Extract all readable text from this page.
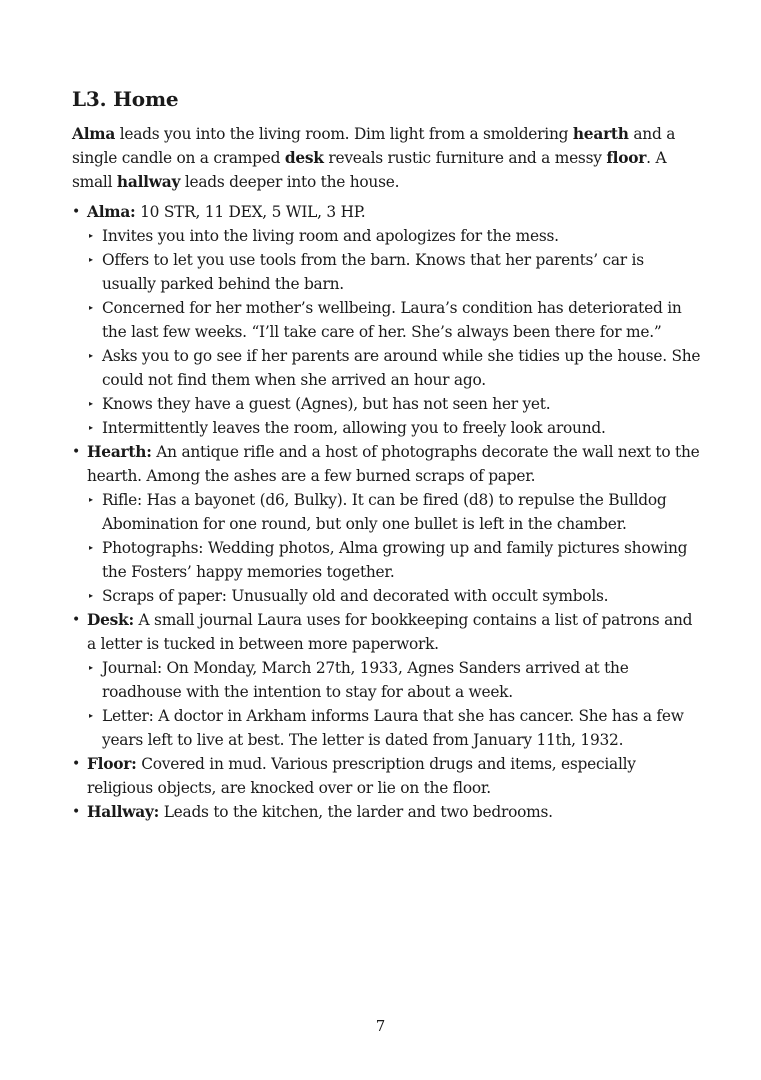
L3. Home

Alma leads you into the living room. Dim light from a smoldering hearth and a single candle on a cramped desk reveals rustic furniture and a messy floor. A small hallway leads deeper into the house.

• Alma: 10 STR, 11 DEX, 5 WIL, 3 HP.
▸ Invites you into the living room and apologizes for the mess.
▸ Offers to let you use tools from the barn. Knows that her parents’ car is usually parked behind the barn.
▸ Concerned for her mother’s wellbeing. Laura’s condition has deteriorated in the last few weeks. “I’ll take care of her. She’s always been there for me.”
▸ Asks you to go see if her parents are around while she tidies up the house. She could not find them when she arrived an hour ago.
▸ Knows they have a guest (Agnes), but has not seen her yet.
▸ Intermittently leaves the room, allowing you to freely look around.
• Hearth: An antique rifle and a host of photographs decorate the wall next to the hearth. Among the ashes are a few burned scraps of paper.
▸ Rifle: Has a bayonet (d6, Bulky). It can be fired (d8) to repulse the Bulldog Abomination for one round, but only one bullet is left in the chamber.
▸ Photographs: Wedding photos, Alma growing up and family pictures showing the Fosters’ happy memories together.
▸ Scraps of paper: Unusually old and decorated with occult symbols.
• Desk: A small journal Laura uses for bookkeeping contains a list of patrons and a letter is tucked in between more paperwork.
▸ Journal: On Monday, March 27th, 1933, Agnes Sanders arrived at the roadhouse with the intention to stay for about a week.
▸ Letter: A doctor in Arkham informs Laura that she has cancer. She has a few years left to live at best. The letter is dated from January 11th, 1932.
• Floor: Covered in mud. Various prescription drugs and items, especially religious objects, are knocked over or lie on the floor.
• Hallway: Leads to the kitchen, the larder and two bedrooms.
7
